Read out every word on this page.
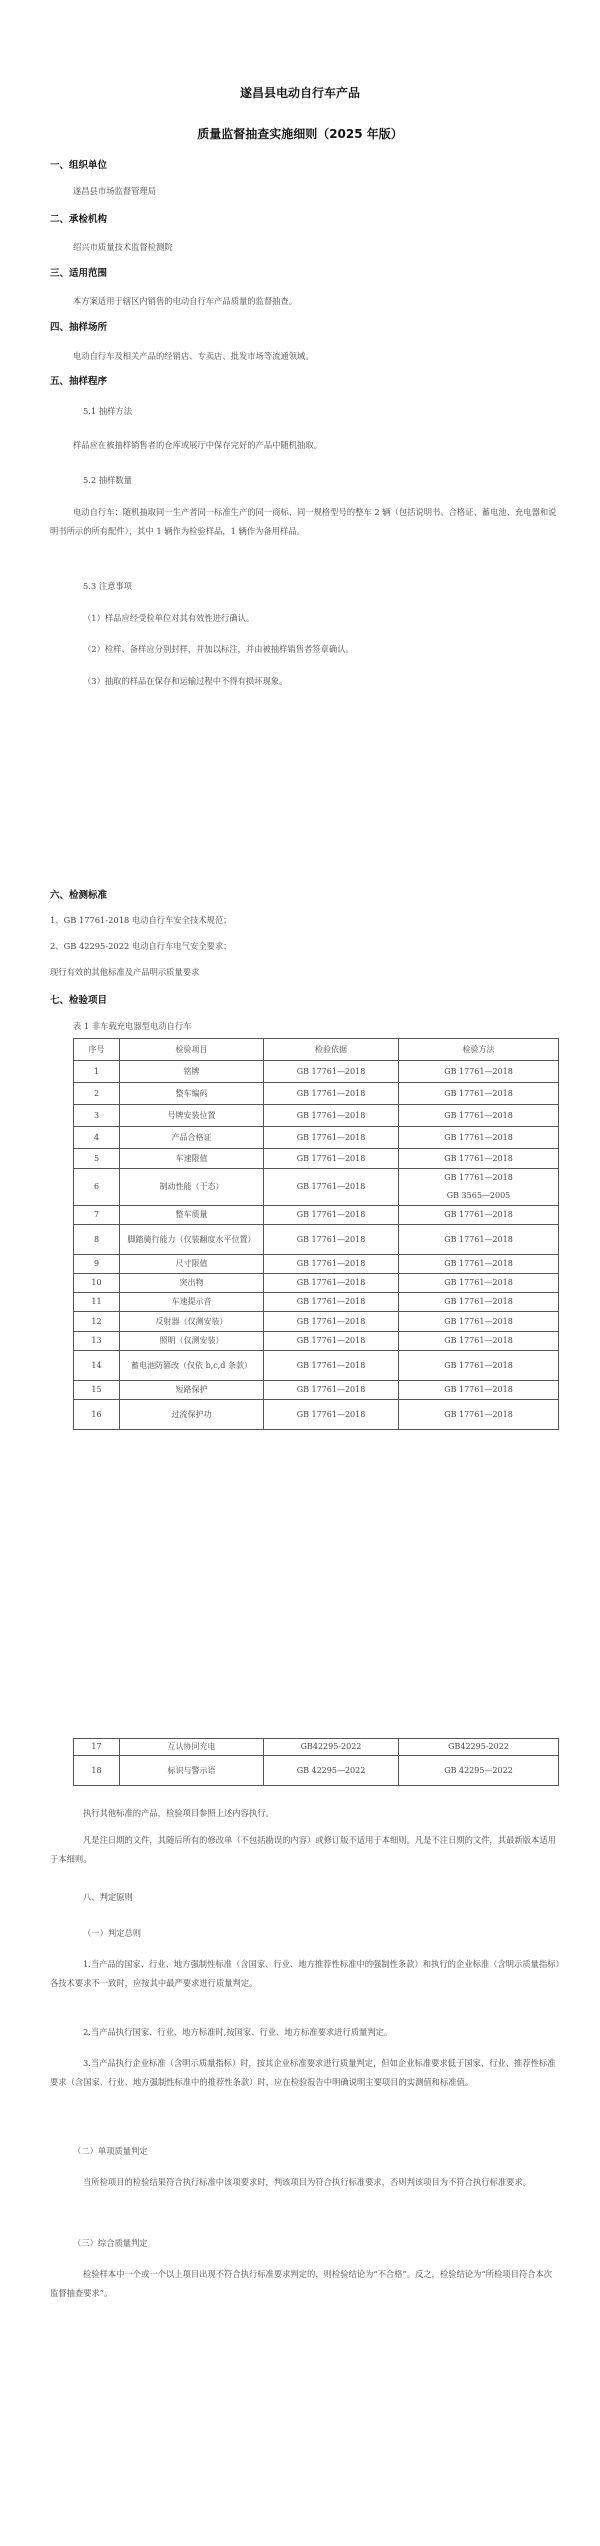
遂昌县电动自行车产品
质量监督抽查实施细则（2025 年版）
一、组织单位
遂昌县市场监督管理局
二、承检机构
绍兴市质量技术监督检测院
三、适用范围
本方案适用于辖区内销售的电动自行车产品质量的监督抽查。
四、抽样场所
电动自行车及相关产品的经销店、专卖店、批发市场等流通领域。
五、抽样程序
5.1 抽样方法
样品应在被抽样销售者的仓库或展厅中保存完好的产品中随机抽取。
5.2 抽样数量
电动自行车：随机抽取同一生产者同一标准生产的同一商标、同一规格型号的整车 2 辆（包括说明书、合格证、蓄电池、充电器和说明书所示的所有配件），其中 1 辆作为检验样品，1 辆作为备用样品。
5.3 注意事项
（1）样品应经受检单位对其有效性进行确认。
（2）检样、备样应分别封样，并加以标注，并由被抽样销售者签章确认。
（3）抽取的样品在保存和运输过程中不得有损坏现象。
六、检测标准
1、GB 17761-2018 电动自行车安全技术规范；
2、GB 42295-2022 电动自行车电气安全要求；
现行有效的其他标准及产品明示质量要求
七、检验项目
表 1 非车载充电器型电动自行车
序号	检验项目	检验依据	检验方法
1	铭牌	GB 17761—2018	GB 17761—2018
2	整车编码	GB 17761—2018	GB 17761—2018
3	号牌安装位置	GB 17761—2018	GB 17761—2018
4	产品合格证	GB 17761—2018	GB 17761—2018
5	车速限值	GB 17761—2018	GB 17761—2018
6	制动性能（干态）	GB 17761—2018	GB 17761—2018
GB 3565—2005

7	整车质量	GB 17761—2018	GB 17761—2018
8	脚踏骑行能力（仅装翻度水平位置）	GB 17761—2018	GB 17761—2018
9	尺寸限值	GB 17761—2018	GB 17761—2018
10	突出物	GB 17761—2018	GB 17761—2018
11	车速提示音	GB 17761—2018	GB 17761—2018
12	反射器（仅测安装）	GB 17761—2018	GB 17761—2018
13	照明（仅测安装）	GB 17761—2018	GB 17761—2018
14	蓄电池防篡改（仅依 b,c,d 条款）	GB 17761—2018	GB 17761—2018
15	短路保护	GB 17761—2018	GB 17761—2018
16	过流保护功	GB 17761—2018	GB 17761—2018
17	互认协同充电	GB42295-2022	GB42295-2022
18	标识与警示语	GB 42295—2022	GB 42295—2022
执行其他标准的产品，检验项目参照上述内容执行。
凡是注日期的文件，其随后所有的修改单（不包括勘误的内容）或修订版不适用于本细则。凡是不注日期的文件，其最新版本适用于本细则。
八、判定原则
（一）判定总则
1.当产品的国家、行业、地方强制性标准（含国家、行业、地方推荐性标准中的强制性条款）和执行的企业标准（含明示质量指标）各技术要求不一致时，应按其中最严要求进行质量判定。
2.当产品执行国家、行业、地方标准时,按国家、行业、地方标准要求进行质量判定。
3.当产品执行企业标准（含明示质量指标）时，按其企业标准要求进行质量判定，但如企业标准要求低于国家、行业、推荐性标准要求（含国家、行业、地方强制性标准中的推荐性条款）时，应在检验报告中明确说明主要项目的实测值和标准值。
（二）单项质量判定
当所检项目的检验结果符合执行标准中该项要求时，判该项目为符合执行标准要求，否则判该项目为不符合执行标准要求。
（三）综合质量判定
检验样本中一个或一个以上项目出现不符合执行标准要求判定的，则检验结论为“不合格”。反之，检验结论为“所检项目符合本次监督抽查要求”。
